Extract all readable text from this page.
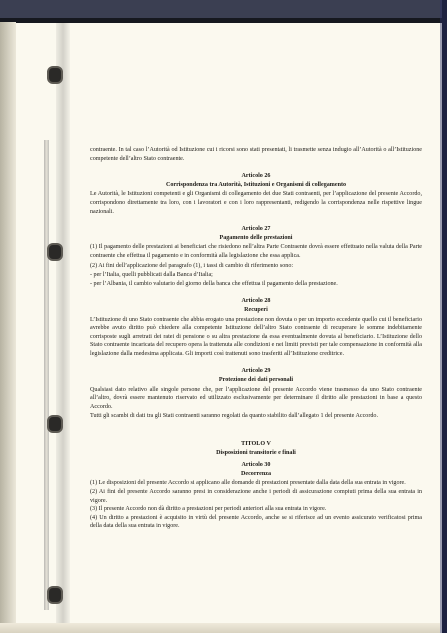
contraente. In tal caso l’Autorità od Istituzione cui i ricorsi sono stati presentati, li trasmette senza indugio all’Autorità o all’Istituzione competente dell’altro Stato contraente.

Articolo 26
Corrispondenza tra Autorità, Istituzioni e Organismi di collegamento

Le Autorità, le Istituzioni competenti e gli Organismi di collegamento dei due Stati contraenti, per l’applicazione del presente Accordo, corrispondono direttamente tra loro, con i lavoratori e con i loro rappresentanti, redigendo la corrispondenza nelle rispettive lingue nazionali.

Articolo 27
Pagamento delle prestazioni

(1) Il pagamento delle prestazioni ai beneficiari che risiedono nell’altra Parte Contraente dovrà essere effettuato nella valuta della Parte contraente che effettua il pagamento e in conformità alla legislazione che essa applica.

(2) Ai fini dell’applicazione del paragrafo (1), i tassi di cambio di riferimento sono:

- per l’Italia, quelli pubblicati dalla Banca d’Italia;

- per l’Albania, il cambio valutario del giorno della banca che effettua il pagamento della prestazione.

Articolo 28
Recuperi

L’Istituzione di uno Stato contraente che abbia erogato una prestazione non dovuta o per un importo eccedente quello cui il beneficiario avrebbe avuto diritto può chiedere alla competente Istituzione dell’altro Stato contraente di recuperare le somme indebitamente corrisposte sugli arretrati dei ratei di pensione o su altra prestazione da essa eventualmente dovuta al beneficiario. L’Istituzione dello Stato contraente incaricata del recupero opera la trattenuta alle condizioni e nei limiti previsti per tale compensazione in conformità alla legislazione dalla medesima applicata. Gli importi così trattenuti sono trasferiti all’Istituzione creditrice.

Articolo 29
Protezione dei dati personali

Qualsiasi dato relativo alle singole persone che, per l’applicazione del presente Accordo viene trasmesso da uno Stato contraente all’altro, dovrà essere mantenuto riservato ed utilizzato esclusivamente per determinare il diritto alle prestazioni in base a questo Accordo.

Tutti gli scambi di dati tra gli Stati contraenti saranno regolati da quanto stabilito dall’allegato 1 del presente Accordo.

TITOLO V
Disposizioni transitorie e finali
Articolo 30
Decorrenza

(1) Le disposizioni del presente Accordo si applicano alle domande di prestazioni presentate dalla data della sua entrata in vigore.

(2) Ai fini del presente Accordo saranno presi in considerazione anche i periodi di assicurazione compiuti prima della sua entrata in vigore.

(3) Il presente Accordo non dà diritto a prestazioni per periodi anteriori alla sua entrata in vigore.

(4) Un diritto a prestazioni è acquisito in virtù del presente Accordo, anche se si riferisce ad un evento assicurato verificatosi prima della data della sua entrata in vigore.
